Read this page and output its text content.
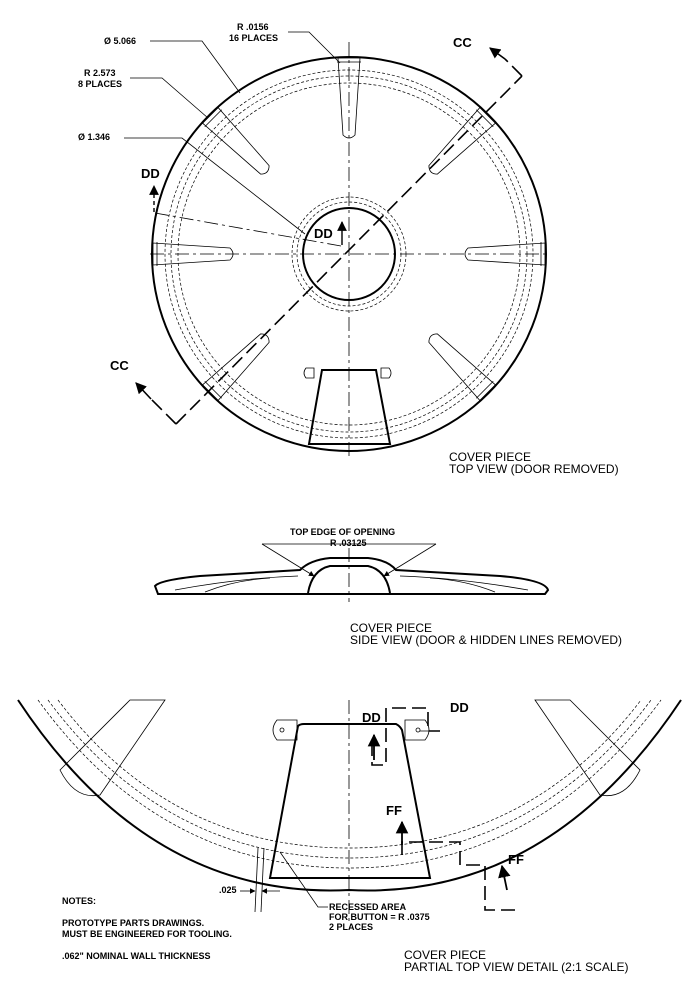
CC
CC
DD
DD
R .0156
16 PLACES
Ø 5.066
R 2.573
8 PLACES
Ø 1.346
COVER PIECE
TOP VIEW (DOOR REMOVED)
TOP EDGE OF OPENING
R .03125
COVER PIECE
SIDE VIEW (DOOR & HIDDEN LINES REMOVED)
DD
DD
FF
FF
.025
RECESSED AREA
FOR BUTTON = R .0375
2 PLACES
COVER PIECE
PARTIAL TOP VIEW DETAIL (2:1 SCALE)
NOTES:
PROTOTYPE PARTS DRAWINGS.
MUST BE ENGINEERED FOR TOOLING.
.062" NOMINAL WALL THICKNESS
